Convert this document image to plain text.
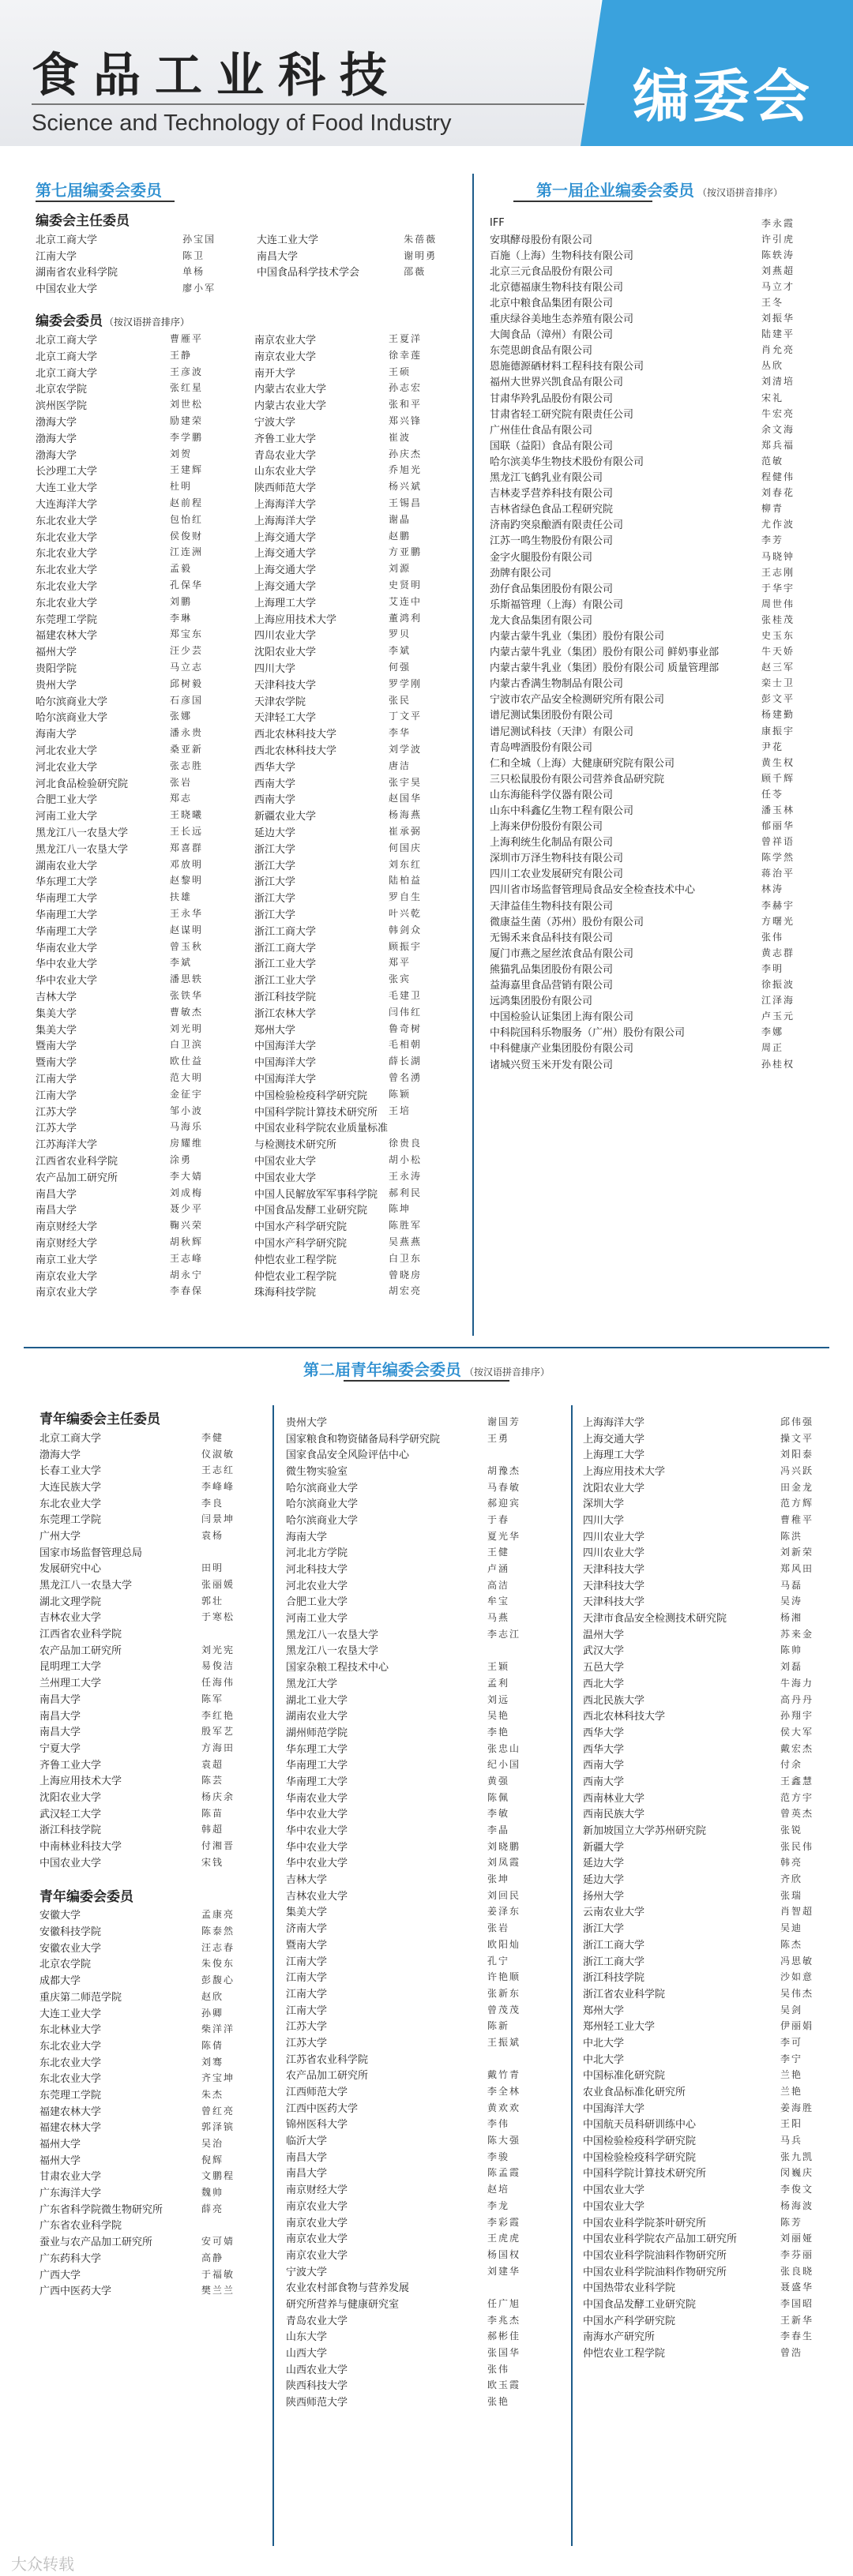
食品工业科技
Science and Technology of Food Industry	编委会
第七届编委会委员
编委会主任委员
北京工商大学	孙宝国	大连工业大学	朱蓓薇
江南大学	陈卫	南昌大学	谢明勇
湖南省农业科学院	单杨	中国食品科学技术学会	邵薇
中国农业大学	廖小军
编委会委员 （按汉语拼音排序）
北京工商大学	曹雁平	南京农业大学	王夏洋
北京工商大学	王静	南京农业大学	徐幸莲
北京工商大学	王彦波	南开大学	王硕
北京农学院	张红星	内蒙古农业大学	孙志宏
滨州医学院	刘世松	内蒙古农业大学	张和平
渤海大学	励建荣	宁波大学	郑兴锋
渤海大学	李学鹏	齐鲁工业大学	崔波
渤海大学	刘贺	青岛农业大学	孙庆杰
长沙理工大学	王建辉	山东农业大学	乔旭光
大连工业大学	杜明	陕西师范大学	杨兴斌
大连海洋大学	赵前程	上海海洋大学	王锡昌
东北农业大学	包怡红	上海海洋大学	谢晶
东北农业大学	侯俊财	上海交通大学	赵鹏
东北农业大学	江连洲	上海交通大学	方亚鹏
东北农业大学	孟毅	上海交通大学	刘源
东北农业大学	孔保华	上海交通大学	史贤明
东北农业大学	刘鹏	上海理工大学	艾连中
东莞理工学院	李琳	上海应用技术大学	董鸿利
福建农林大学	郑宝东	四川农业大学	罗贝
福州大学	汪少芸	沈阳农业大学	李斌
贵阳学院	马立志	四川大学	何强
贵州大学	邱树毅	天津科技大学	罗学刚
哈尔滨商业大学	石彦国	天津农学院	张民
哈尔滨商业大学	张娜	天津轻工大学	丁文平
海南大学	潘永贵	西北农林科技大学	李华
河北农业大学	桑亚新	西北农林科技大学	刘学波
河北农业大学	张志胜	西华大学	唐洁
河北食品检验研究院	张岩	西南大学	张宇昊
合肥工业大学	郑志	西南大学	赵国华
河南工业大学	王晓曦	新疆农业大学	杨海燕
黑龙江八一农垦大学	王长远	延边大学	崔承弼
黑龙江八一农垦大学	郑喜群	浙江大学	何国庆
湖南农业大学	邓放明	浙江大学	刘东红
华东理工大学	赵黎明	浙江大学	陆柏益
华南理工大学	扶雄	浙江大学	罗自生
华南理工大学	王永华	浙江大学	叶兴乾
华南理工大学	赵谋明	浙江工商大学	韩剑众
华南农业大学	曾玉秋	浙江工商大学	顾振宇
华中农业大学	李斌	浙江工业大学	郑平
华中农业大学	潘思轶	浙江工业大学	张宾
吉林大学	张铁华	浙江科技学院	毛建卫
集美大学	曹敏杰	浙江农林大学	闫伟红
集美大学	刘光明	郑州大学	鲁奇树
暨南大学	白卫滨	中国海洋大学	毛相朝
暨南大学	欧仕益	中国海洋大学	薛长湖
江南大学	范大明	中国海洋大学	曾名湧
江南大学	金征宇	中国检验检疫科学研究院	陈颖
江苏大学	邹小波	中国科学院计算技术研究所	王培
江苏大学	马海乐	中国农业科学院农业质量标准
江苏海洋大学	房耀维	与检测技术研究所	徐贵良
江西省农业科学院	涂勇	中国农业大学	胡小松
农产品加工研究所	李大婧	中国农业大学	王永涛
南昌大学	刘成梅	中国人民解放军军事科学院	郝利民
南昌大学	聂少平	中国食品发酵工业研究院	陈坤
南京财经大学	鞠兴荣	中国水产科学研究院	陈胜军
南京财经大学	胡秋辉	中国水产科学研究院	吴燕燕
南京工业大学	王志峰	仲恺农业工程学院	白卫东
南京农业大学	胡永宁	仲恺农业工程学院	曾晓房
南京农业大学	李春保	珠海科技学院	胡宏亮
第一届企业编委会委员 （按汉语拼音排序）
IFF	李永霞
安琪酵母股份有限公司	许引虎
百施（上海）生物科技有限公司	陈轶涛
北京三元食品股份有限公司	刘燕超
北京德福康生物科技有限公司	马立才
北京中粮食品集团有限公司	王冬
重庆绿谷美地生态养殖有限公司	刘振华
大闽食品（漳州）有限公司	陆建平
东莞思朗食品有限公司	肖允亮
恩施德源硒材料工程科技有限公司	丛欣
福州大世界兴凯食品有限公司	刘清培
甘肃华羚乳品股份有限公司	宋礼
甘肃省轻工研究院有限责任公司	牛宏亮
广州佳仕食品有限公司	余文海
国联（益阳）食品有限公司	郑兵福
哈尔滨美华生物技术股份有限公司	范敏
黑龙江飞鹤乳业有限公司	程健伟
吉林麦孚营养科技有限公司	刘春花
吉林省绿色食品工程研究院	柳青
济南趵突泉酿酒有限责任公司	尤作波
江苏一鸣生物股份有限公司	李芳
金字火腿股份有限公司	马晓钟
劲牌有限公司	王志刚
劲仔食品集团股份有限公司	于华宇
乐斯福管理（上海）有限公司	周世伟
龙大食品集团有限公司	张桂茂
内蒙古蒙牛乳业（集团）股份有限公司	史玉东
内蒙古蒙牛乳业（集团）股份有限公司 鲜奶事业部	牛天娇
内蒙古蒙牛乳业（集团）股份有限公司 质量管理部	赵三军
内蒙古香满生物制品有限公司	栾士卫
宁波市农产品安全检测研究所有限公司	彭文平
谱尼测试集团股份有限公司	杨建勤
谱尼测试科技（天津）有限公司	康振宇
青岛啤酒股份有限公司	尹花
仁和全城（上海）大健康研究院有限公司	黄生权
三只松鼠股份有限公司营养食品研究院	顾千辉
山东海能科学仪器有限公司	任苓
山东中科鑫亿生物工程有限公司	潘玉林
上海来伊份股份有限公司	郁丽华
上海利统生化制品有限公司	曾祥语
深圳市万泽生物科技有限公司	陈学然
四川工农业发展研究有限公司	蒋治平
四川省市场监督管理局食品安全检查技术中心	林涛
天津益佳生物科技有限公司	李赫宇
微康益生菌（苏州）股份有限公司	方曙光
无锡禾来食品科技有限公司	张伟
厦门市燕之屋丝浓食品有限公司	黄志群
熊猫乳品集团股份有限公司	李明
益海嘉里食品营销有限公司	徐振波
远鸿集团股份有限公司	江泽海
中国检验认证集团上海有限公司	卢玉元
中科院国科乐物服务（广州）股份有限公司	李娜
中科健康产业集团股份有限公司	周正
诸城兴贸玉米开发有限公司	孙桂权
第二届青年编委会委员 （按汉语拼音排序）
青年编委会主任委员
北京工商大学	李健
渤海大学	仪淑敏
长春工业大学	王志红
大连民族大学	李峰峰
东北农业大学	李良
东莞理工学院	闫景坤
广州大学	袁杨
国家市场监督管理总局
发展研究中心	田明
黑龙江八一农垦大学	张丽媛
湖北文理学院	郭壮
吉林农业大学	于寒松
江西省农业科学院
农产品加工研究所	刘光宪
昆明理工大学	易俊洁
兰州理工大学	任海伟
南昌大学	陈军
南昌大学	李红艳
南昌大学	殷军艺
宁夏大学	方海田
齐鲁工业大学	袁超
上海应用技术大学	陈芸
沈阳农业大学	杨庆余
武汉轻工大学	陈苗
浙江科技学院	韩超
中南林业科技大学	付湘晋
中国农业大学	宋钱
青年编委会委员
安徽大学	孟康亮
安徽科技学院	陈泰然
安徽农业大学	汪志春
北京农学院	朱俊东
成都大学	彭馥心
重庆第二师范学院	赵欣
大连工业大学	孙卿
东北林业大学	柴洋洋
东北农业大学	陈倩
东北农业大学	刘骞
东北农业大学	齐宝坤
东莞理工学院	朱杰
福建农林大学	曾红亮
福建农林大学	郭泽镔
福州大学	吴治
福州大学	倪辉
甘肃农业大学	文鹏程
广东海洋大学	魏帅
广东省科学院微生物研究所	薛亮
广东省农业科学院
蚕业与农产品加工研究所	安可婧
广东药科大学	高静
广西大学	于福敏
广西中医药大学	樊兰兰
贵州大学	谢国芳
国家粮食和物资储备局科学研究院	王勇
国家食品安全风险评估中心
微生物实验室	胡豫杰
哈尔滨商业大学	马春敏
哈尔滨商业大学	郝迎宾
哈尔滨商业大学	于春
海南大学	夏光华
河北北方学院	王健
河北科技大学	卢涵
河北农业大学	高洁
合肥工业大学	牟宝
河南工业大学	马燕
黑龙江八一农垦大学	李志江
黑龙江八一农垦大学
国家杂粮工程技术中心	王颖
黑龙江大学	孟利
湖北工业大学	刘远
湖南农业大学	吴艳
湖州师范学院	李艳
华东理工大学	张忠山
华南理工大学	纪小国
华南理工大学	黄强
华南农业大学	陈佩
华中农业大学	李敏
华中农业大学	李晶
华中农业大学	刘晓鹏
华中农业大学	刘凤霞
吉林大学	张坤
吉林农业大学	刘回民
集美大学	姜泽东
济南大学	张岩
暨南大学	欧阳灿
江南大学	孔宁
江南大学	许艳顺
江南大学	张新东
江南大学	曾茂茂
江苏大学	陈新
江苏大学	王振斌
江苏省农业科学院
农产品加工研究所	戴竹青
江西师范大学	李全林
江西中医药大学	黄欢欢
锦州医科大学	李伟
临沂大学	陈大强
南昌大学	李骏
南昌大学	陈孟霞
南京财经大学	赵培
南京农业大学	李龙
南京农业大学	李彩霞
南京农业大学	王虎虎
南京农业大学	杨国权
宁波大学	刘建华
农业农村部食物与营养发展
研究所营养与健康研究室	任广旭
青岛农业大学	李兆杰
山东大学	郝彬佳
山西大学	张国华
山西农业大学	张伟
陕西科技大学	欧玉霞
陕西师范大学	张艳
上海海洋大学	邱伟强
上海交通大学	操文平
上海理工大学	刘阳泰
上海应用技术大学	冯兴跃
沈阳农业大学	田金龙
深圳大学	范方辉
四川大学	曹稚平
四川农业大学	陈洪
四川农业大学	刘新荣
天津科技大学	郑风田
天津科技大学	马磊
天津科技大学	吴涛
天津市食品安全检测技术研究院	杨湘
温州大学	苏来金
武汉大学	陈帅
五邑大学	刘磊
西北大学	牛海力
西北民族大学	高丹丹
西北农林科技大学	孙翔宇
西华大学	侯大军
西华大学	戴宏杰
西南大学	付余
西南大学	王鑫慧
西南林业大学	范方宇
西南民族大学	曾英杰
新加坡国立大学苏州研究院	张锐
新疆大学	张民伟
延边大学	韩亮
延边大学	齐欣
扬州大学	张瑞
云南农业大学	肖智超
浙江大学	吴迪
浙江工商大学	陈杰
浙江工商大学	冯思敏
浙江科技学院	沙如意
浙江省农业科学院	吴伟杰
郑州大学	吴剑
郑州轻工业大学	伊丽娟
中北大学	李可
中北大学	李宁
中国标准化研究院	兰艳
农业食品标准化研究所	兰艳
中国海洋大学	姜海胜
中国航天员科研训练中心	王阳
中国检验检疫科学研究院	马兵
中国检验检疫科学研究院	张九凯
中国科学院计算技术研究所	闵巍庆
中国农业大学	李俊文
中国农业大学	杨海波
中国农业科学院茶叶研究所	陈芳
中国农业科学院农产品加工研究所	刘丽娅
中国农业科学院油料作物研究所	李芬丽
中国农业科学院油料作物研究所	张良晓
中国热带农业科学院	聂盛华
中国食品发酵工业研究院	李国昭
中国水产科学研究院	王新华
南海水产研究所	李春生
仲恺农业工程学院	曾浩
大众转载
